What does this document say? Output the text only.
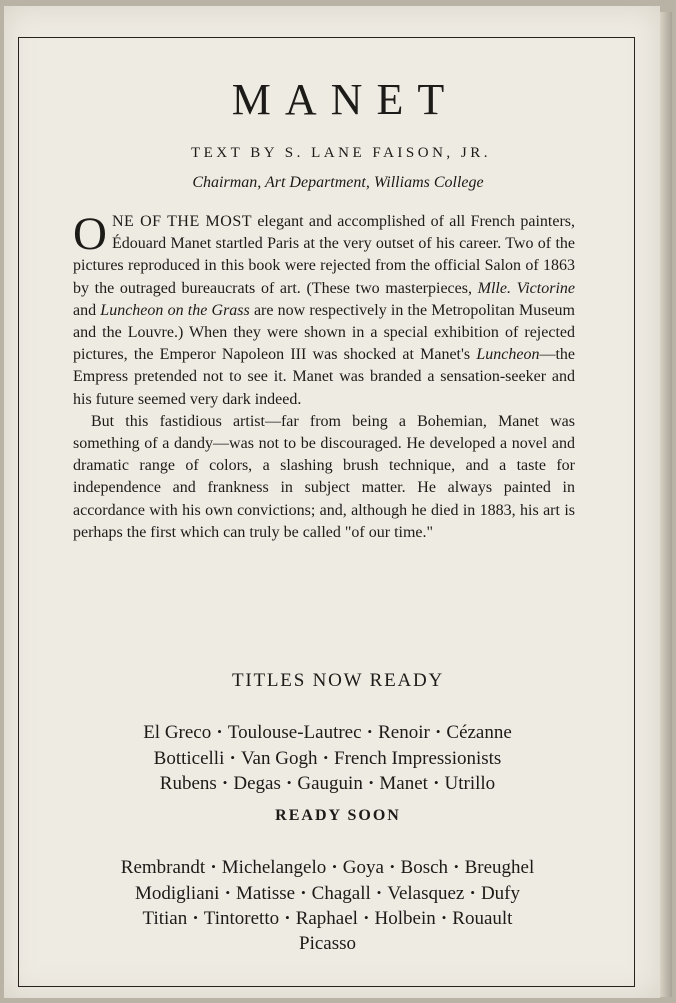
MANET
TEXT BY S. LANE FAISON, JR.
Chairman, Art Department, Williams College

ONE OF THE MOST elegant and accomplished of all French painters, Édouard Manet startled Paris at the very outset of his career. Two of the pictures reproduced in this book were rejected from the official Salon of 1863 by the outraged bureaucrats of art. (These two masterpieces, Mlle. Victorine and Luncheon on the Grass are now respectively in the Metropolitan Museum and the Louvre.) When they were shown in a special exhibition of rejected pictures, the Emperor Napoleon III was shocked at Manet's Luncheon—the Empress pretended not to see it. Manet was branded a sensation-seeker and his future seemed very dark indeed.

But this fastidious artist—far from being a Bohemian, Manet was something of a dandy—was not to be discouraged. He developed a novel and dramatic range of colors, a slashing brush technique, and a taste for independence and frankness in subject matter. He always painted in accordance with his own convictions; and, although he died in 1883, his art is perhaps the first which can truly be called "of our time."

TITLES NOW READY
El Greco • Toulouse-Lautrec • Renoir • Cézanne
Botticelli • Van Gogh • French Impressionists
Rubens • Degas • Gauguin • Manet • Utrillo
READY SOON
Rembrandt • Michelangelo • Goya • Bosch • Breughel
Modigliani • Matisse • Chagall • Velasquez • Dufy
Titian • Tintoretto • Raphael • Holbein • Rouault
Picasso
